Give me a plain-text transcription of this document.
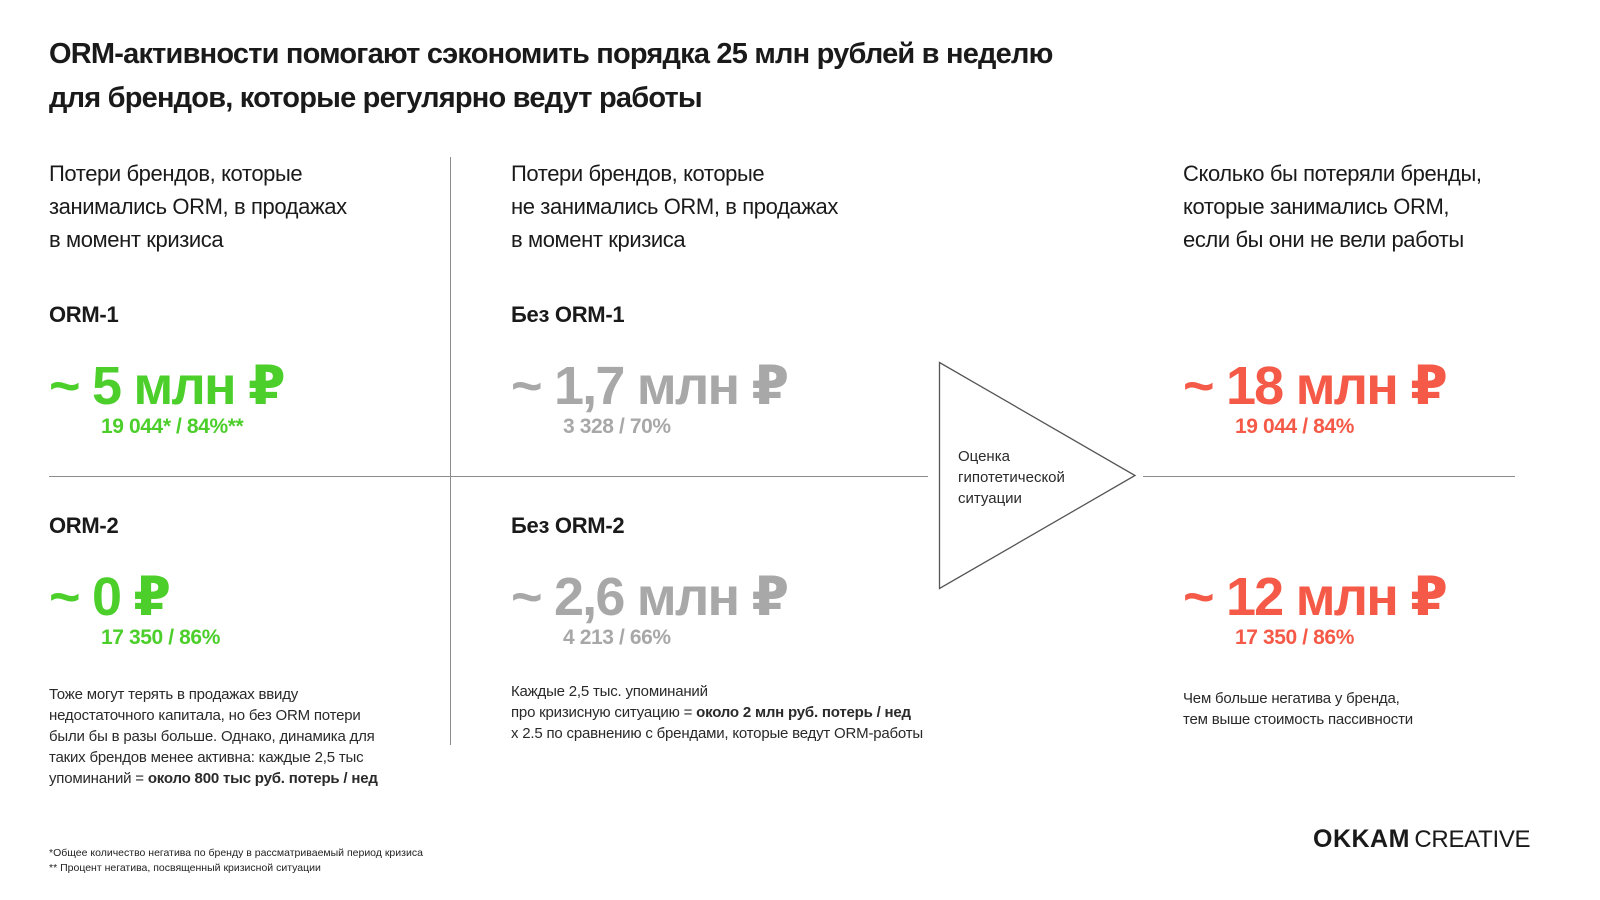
ORM-активности помогают сэкономить порядка 25 млн рублей в неделю
для брендов, которые регулярно ведут работы
Потери брендов, которые
занимались ORM, в продажах
в момент кризиса
ORM-1
~ 5 млн ₽
19 044* / 84%**
ORM-2
~ 0 ₽
17 350 / 86%
Тоже могут терять в продажах ввиду
недостаточного капитала, но без ORM потери
были бы в разы больше. Однако, динамика для
таких брендов менее активна: каждые 2,5 тыс
упоминаний = около 800 тыс руб. потерь / нед
Потери брендов, которые
не занимались ORM, в продажах
в момент кризиса
Без ORM-1
~ 1,7 млн ₽
3 328 / 70%
Без ORM-2
~ 2,6 млн ₽
4 213 / 66%
Каждые 2,5 тыс. упоминаний
про кризисную ситуацию = около 2 млн руб. потерь / нед
x 2.5 по сравнению с брендами, которые ведут ORM-работы
Оценка
гипотетической
ситуации
Сколько бы потеряли бренды,
которые занимались ORM,
если бы они не вели работы
~ 18 млн ₽
19 044 / 84%
~ 12 млн ₽
17 350 / 86%
Чем больше негатива у бренда,
тем выше стоимость пассивности
*Общее количество негатива по бренду в рассматриваемый период кризиса
** Процент негатива, посвященный кризисной ситуации
OKKAM CREATIVE
